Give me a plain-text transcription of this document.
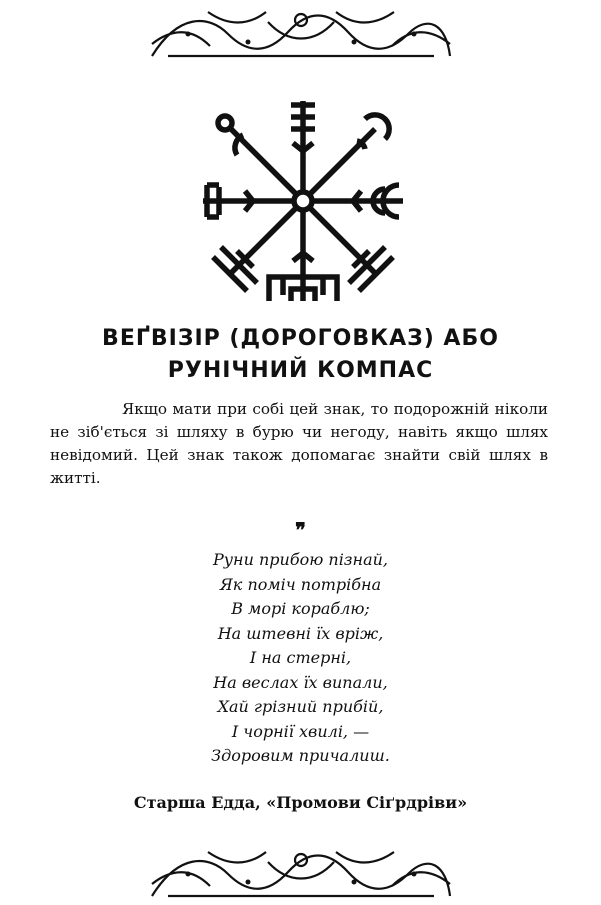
ВЕҐВІЗІР (ДОРОГОВКАЗ) АБО
РУНІЧНИЙ КОМПАС

Якщо мати при собі цей знак, то подорожній ніколи не зіб'ється зі шляху в бурю чи негоду, навіть якщо шлях невідомий. Цей знак також допомагає знайти свій шлях в житті.

❞
Руни прибою пізнай,
Як поміч потрібна
В морі кораблю;
На штевні їх вріж,
І на стерні,
На веслах їх випали,
Хай грізний прибій,
І чорнії хвилі, —
Здоровим причалиш.
Старша Едда, «Промови Сіґрдріви»
